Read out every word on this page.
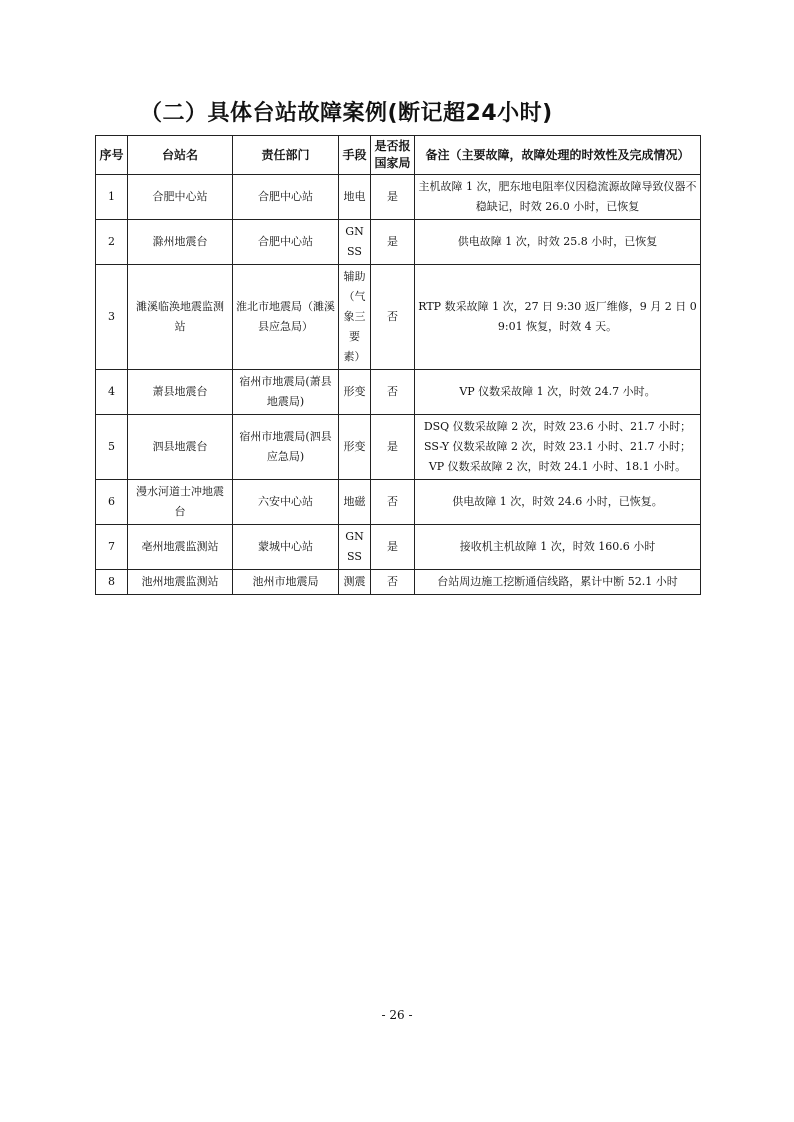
（二）具体台站故障案例(断记超24小时)
序号	台站名	责任部门	手段	是否报国家局	备注（主要故障，故障处理的时效性及完成情况）
1	合肥中心站	合肥中心站	地电	是	主机故障 1 次，肥东地电阻率仪因稳流源故障导致仪器不稳缺记，时效 26.0 小时，已恢复

2	滁州地震台	合肥中心站	GNSS	是	供电故障 1 次，时效 25.8 小时，已恢复

3	濉溪临涣地震监测站	淮北市地震局（濉溪县应急局）	辅助（气象三要素）	否	RTP 数采故障 1 次，27 日 9:30 返厂维修，9 月 2 日 09:01 恢复，时效 4 天。

4	萧县地震台	宿州市地震局(萧县地震局)	形变	否	VP 仪数采故障 1 次，时效 24.7 小时。

5	泗县地震台	宿州市地震局(泗县应急局)	形变	是	DSQ 仪数采故障 2 次，时效 23.6 小时、21.7 小时；
SS-Y 仪数采故障 2 次，时效 23.1 小时、21.7 小时；
VP 仪数采故障 2 次，时效 24.1 小时、18.1 小时。

6	漫水河道士冲地震台	六安中心站	地磁	否	供电故障 1 次，时效 24.6 小时，已恢复。

7	亳州地震监测站	蒙城中心站	GNSS	是	接收机主机故障 1 次，时效 160.6 小时

8	池州地震监测站	池州市地震局	测震	否	台站周边施工挖断通信线路，累计中断 52.1 小时
- 26 -
